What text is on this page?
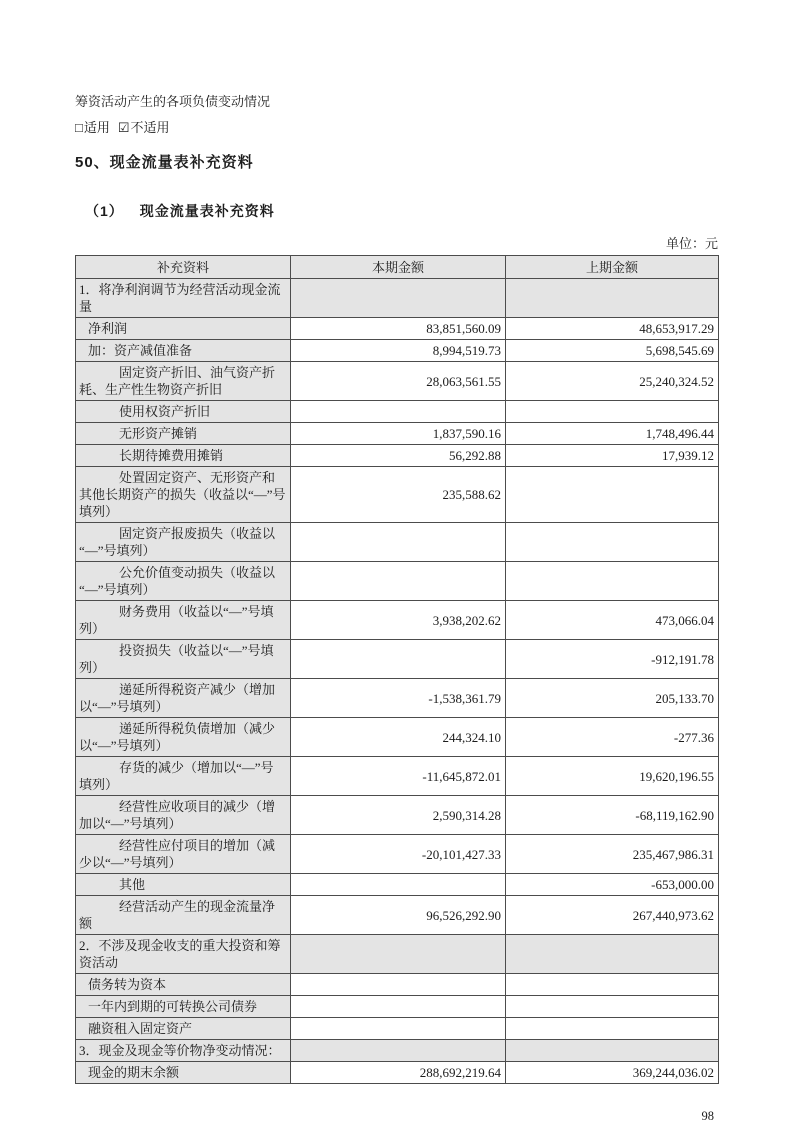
筹资活动产生的各项负债变动情况
□适用 ☑不适用
50、现金流量表补充资料
（1） 现金流量表补充资料
单位：元
补充资料	本期金额	上期金额
1．将净利润调节为经营活动现金流量		
净利润	83,851,560.09	48,653,917.29
加：资产减值准备	8,994,519.73	5,698,545.69
固定资产折旧、油气资产折耗、生产性生物资产折旧	28,063,561.55	25,240,324.52
使用权资产折旧		
无形资产摊销	1,837,590.16	1,748,496.44
长期待摊费用摊销	56,292.88	17,939.12
处置固定资产、无形资产和其他长期资产的损失（收益以“—”号填列）	235,588.62	
固定资产报废损失（收益以“—”号填列）		
公允价值变动损失（收益以“—”号填列）		
财务费用（收益以“—”号填列）	3,938,202.62	473,066.04
投资损失（收益以“—”号填列）		-912,191.78
递延所得税资产减少（增加以“—”号填列）	-1,538,361.79	205,133.70
递延所得税负债增加（减少以“—”号填列）	244,324.10	-277.36
存货的减少（增加以“—”号填列）	-11,645,872.01	19,620,196.55
经营性应收项目的减少（增加以“—”号填列）	2,590,314.28	-68,119,162.90
经营性应付项目的增加（减少以“—”号填列）	-20,101,427.33	235,467,986.31
其他		-653,000.00
经营活动产生的现金流量净额	96,526,292.90	267,440,973.62
2．不涉及现金收支的重大投资和筹资活动		
债务转为资本		
一年内到期的可转换公司债券		
融资租入固定资产		
3．现金及现金等价物净变动情况：		
现金的期末余额	288,692,219.64	369,244,036.02
98
